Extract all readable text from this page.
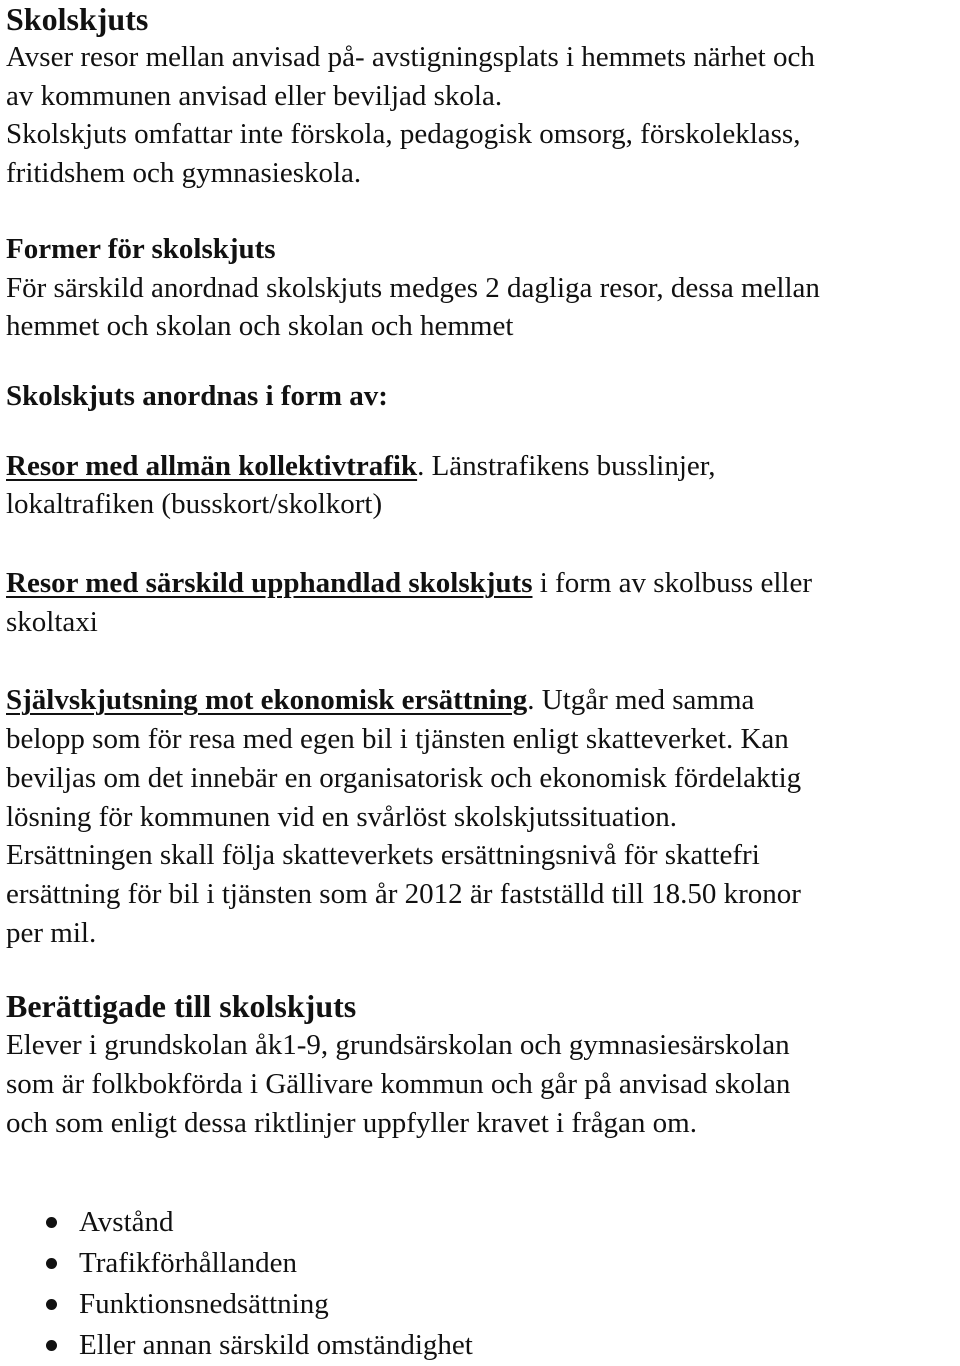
Skolskjuts

Avser resor mellan anvisad på- avstigningsplats i hemmets närhet och
av kommunen anvisad eller beviljad skola.
Skolskjuts omfattar inte förskola, pedagogisk omsorg, förskoleklass,
fritidshem och gymnasieskola.

Former för skolskjuts

För särskild anordnad skolskjuts medges 2 dagliga resor, dessa mellan
hemmet och skolan och skolan och hemmet

Skolskjuts anordnas i form av:

Resor med allmän kollektivtrafik. Länstrafikens busslinjer,
lokaltrafiken (busskort/skolkort)

Resor med särskild upphandlad skolskjuts i form av skolbuss eller
skoltaxi

Självskjutsning mot ekonomisk ersättning. Utgår med samma
belopp som för resa med egen bil i tjänsten enligt skatteverket. Kan
beviljas om det innebär en organisatorisk och ekonomisk fördelaktig
lösning för kommunen vid en svårlöst skolskjutssituation.
Ersättningen skall följa skatteverkets ersättningsnivå för skattefri
ersättning för bil i tjänsten som år 2012 är fastställd till 18.50 kronor
per mil.

Berättigade till skolskjuts

Elever i grundskolan åk1-9, grundsärskolan och gymnasiesärskolan
som är folkbokförda i Gällivare kommun och går på anvisad skolan
och som enligt dessa riktlinjer uppfyller kravet i frågan om.

Avstånd
Trafikförhållanden
Funktionsnedsättning
Eller annan särskild omständighet
